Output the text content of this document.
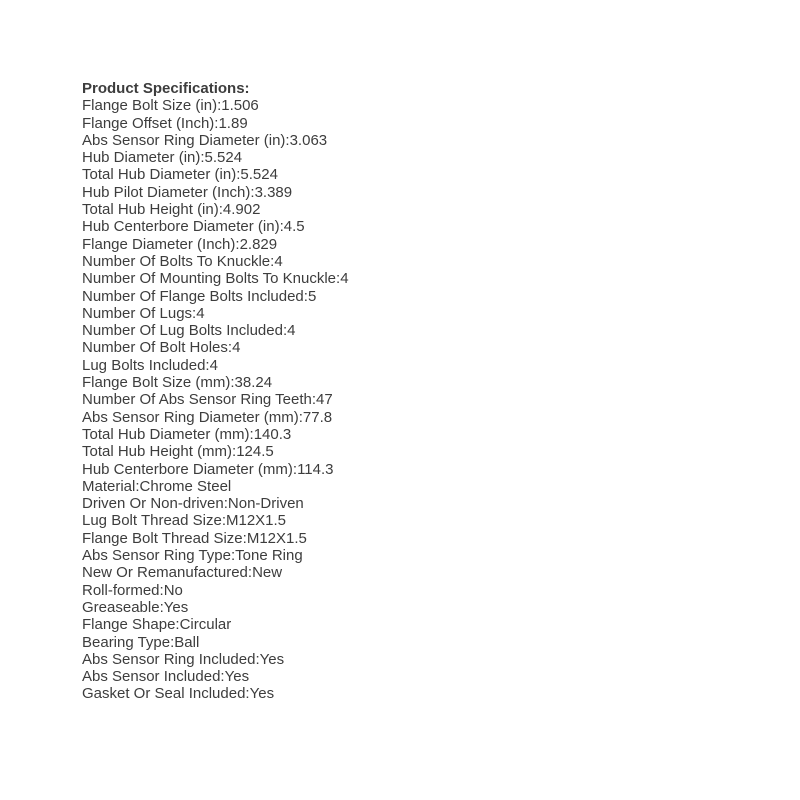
Product Specifications:
Flange Bolt Size (in):1.506
Flange Offset (Inch):1.89
Abs Sensor Ring Diameter (in):3.063
Hub Diameter (in):5.524
Total Hub Diameter (in):5.524
Hub Pilot Diameter (Inch):3.389
Total Hub Height (in):4.902
Hub Centerbore Diameter (in):4.5
Flange Diameter (Inch):2.829
Number Of Bolts To Knuckle:4
Number Of Mounting Bolts To Knuckle:4
Number Of Flange Bolts Included:5
Number Of Lugs:4
Number Of Lug Bolts Included:4
Number Of Bolt Holes:4
Lug Bolts Included:4
Flange Bolt Size (mm):38.24
Number Of Abs Sensor Ring Teeth:47
Abs Sensor Ring Diameter (mm):77.8
Total Hub Diameter (mm):140.3
Total Hub Height (mm):124.5
Hub Centerbore Diameter (mm):114.3
Material:Chrome Steel
Driven Or Non-driven:Non-Driven
Lug Bolt Thread Size:M12X1.5
Flange Bolt Thread Size:M12X1.5
Abs Sensor Ring Type:Tone Ring
New Or Remanufactured:New
Roll-formed:No
Greaseable:Yes
Flange Shape:Circular
Bearing Type:Ball
Abs Sensor Ring Included:Yes
Abs Sensor Included:Yes
Gasket Or Seal Included:Yes
